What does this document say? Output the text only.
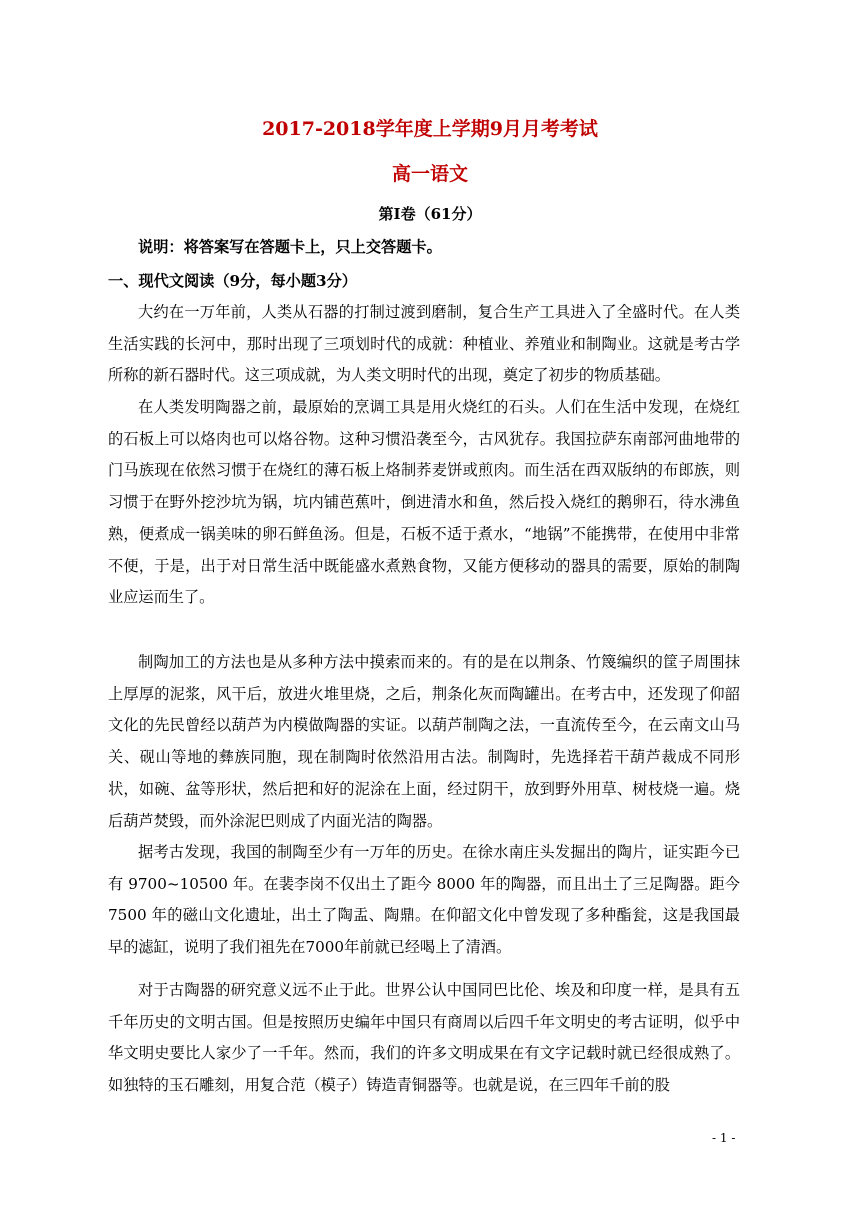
2017-2018学年度上学期9月月考考试
高一语文
第Ⅰ卷（61分）
说明：将答案写在答题卡上，只上交答题卡。
一、现代文阅读（9分，每小题3分）

大约在一万年前，人类从石器的打制过渡到磨制，复合生产工具进入了全盛时代。在人类生活实践的长河中，那时出现了三项划时代的成就：种植业、养殖业和制陶业。这就是考古学所称的新石器时代。这三项成就，为人类文明时代的出现，奠定了初步的物质基础。

在人类发明陶器之前，最原始的烹调工具是用火烧红的石头。人们在生活中发现，在烧红的石板上可以烙肉也可以烙谷物。这种习惯沿袭至今，古风犹存。我国拉萨东南部河曲地带的门马族现在依然习惯于在烧红的薄石板上烙制荞麦饼或煎肉。而生活在西双版纳的布郎族，则习惯于在野外挖沙坑为锅，坑内铺芭蕉叶，倒进清水和鱼，然后投入烧红的鹅卵石，待水沸鱼熟，便煮成一锅美味的卵石鲜鱼汤。但是，石板不适于煮水，“地锅”不能携带，在使用中非常不便，于是，出于对日常生活中既能盛水煮熟食物，又能方便移动的器具的需要，原始的制陶业应运而生了。

制陶加工的方法也是从多种方法中摸索而来的。有的是在以荆条、竹篾编织的筐子周围抹上厚厚的泥浆，风干后，放进火堆里烧，之后，荆条化灰而陶罐出。在考古中，还发现了仰韶文化的先民曾经以葫芦为内模做陶器的实证。以葫芦制陶之法，一直流传至今，在云南文山马关、砚山等地的彝族同胞，现在制陶时依然沿用古法。制陶时，先选择若干葫芦裁成不同形状，如碗、盆等形状，然后把和好的泥涂在上面，经过阴干，放到野外用草、树枝烧一遍。烧后葫芦焚毁，而外涂泥巴则成了内面光洁的陶器。

据考古发现，我国的制陶至少有一万年的历史。在徐水南庄头发掘出的陶片，证实距今已有 9700~10500 年。在裴李岗不仅出土了距今 8000 年的陶器，而且出土了三足陶器。距今 7500 年的磁山文化遗址，出土了陶盂、陶鼎。在仰韶文化中曾发现了多种酯瓮，这是我国最早的滤缸，说明了我们祖先在7000年前就已经喝上了清酒。

对于古陶器的研究意义远不止于此。世界公认中国同巴比伦、埃及和印度一样，是具有五千年历史的文明古国。但是按照历史编年中国只有商周以后四千年文明史的考古证明，似乎中华文明史要比人家少了一千年。然而，我们的许多文明成果在有文字记载时就已经很成熟了。如独特的玉石雕刻，用复合范（模子）铸造青铜器等。也就是说，在三四年千前的股

- 1 -
